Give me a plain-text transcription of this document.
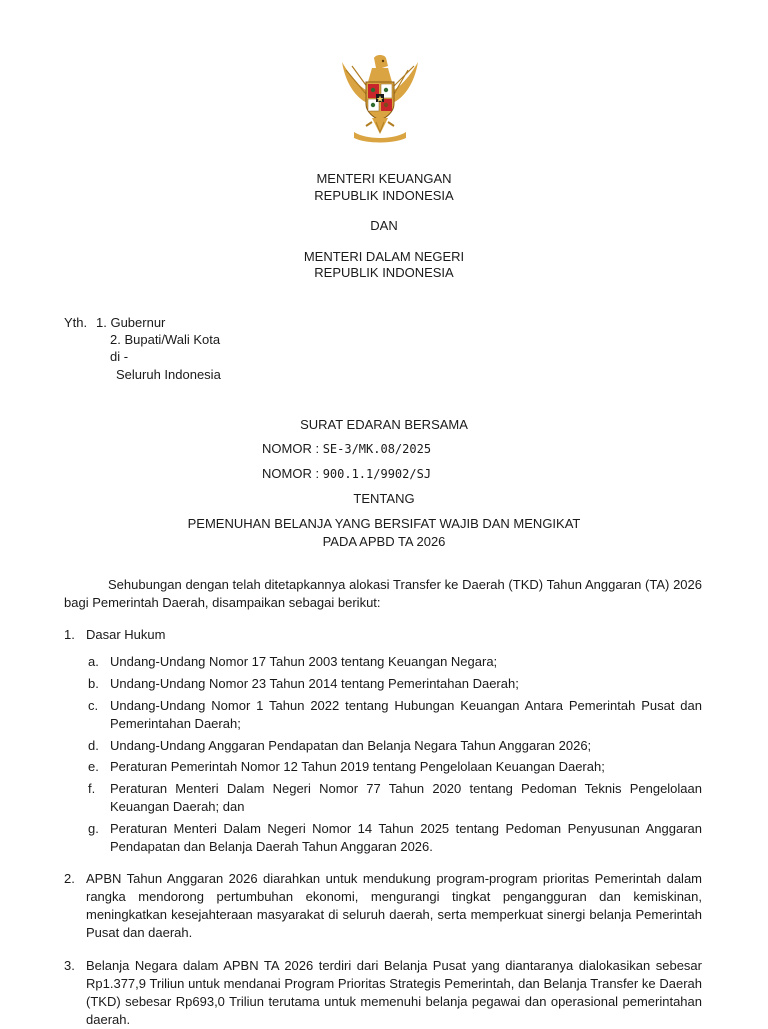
MENTERI KEUANGAN
REPUBLIK INDONESIA
DAN
MENTERI DALAM NEGERI
REPUBLIK INDONESIA
Yth. 1. Gubernur
2. Bupati/Wali Kota
di -
Seluruh Indonesia
SURAT EDARAN BERSAMA
NOMOR : SE-3/MK.08/2025
NOMOR : 900.1.1/9902/SJ
TENTANG
PEMENUHAN BELANJA YANG BERSIFAT WAJIB DAN MENGIKAT
PADA APBD TA 2026
Sehubungan dengan telah ditetapkannya alokasi Transfer ke Daerah (TKD) Tahun Anggaran (TA) 2026 bagi Pemerintah Daerah, disampaikan sebagai berikut:
1. Dasar Hukum
a. Undang-Undang Nomor 17 Tahun 2003 tentang Keuangan Negara;
b. Undang-Undang Nomor 23 Tahun 2014 tentang Pemerintahan Daerah;
c. Undang-Undang Nomor 1 Tahun 2022 tentang Hubungan Keuangan Antara Pemerintah Pusat dan Pemerintahan Daerah;
d. Undang-Undang Anggaran Pendapatan dan Belanja Negara Tahun Anggaran 2026;
e. Peraturan Pemerintah Nomor 12 Tahun 2019 tentang Pengelolaan Keuangan Daerah;
f. Peraturan Menteri Dalam Negeri Nomor 77 Tahun 2020 tentang Pedoman Teknis Pengelolaan Keuangan Daerah; dan
g. Peraturan Menteri Dalam Negeri Nomor 14 Tahun 2025 tentang Pedoman Penyusunan Anggaran Pendapatan dan Belanja Daerah Tahun Anggaran 2026.
2. APBN Tahun Anggaran 2026 diarahkan untuk mendukung program-program prioritas Pemerintah dalam rangka mendorong pertumbuhan ekonomi, mengurangi tingkat pengangguran dan kemiskinan, meningkatkan kesejahteraan masyarakat di seluruh daerah, serta memperkuat sinergi belanja Pemerintah Pusat dan daerah.
3. Belanja Negara dalam APBN TA 2026 terdiri dari Belanja Pusat yang diantaranya dialokasikan sebesar Rp1.377,9 Triliun untuk mendanai Program Prioritas Strategis Pemerintah, dan Belanja Transfer ke Daerah (TKD) sebesar Rp693,0 Triliun terutama untuk memenuhi belanja pegawai dan operasional pemerintahan daerah.
